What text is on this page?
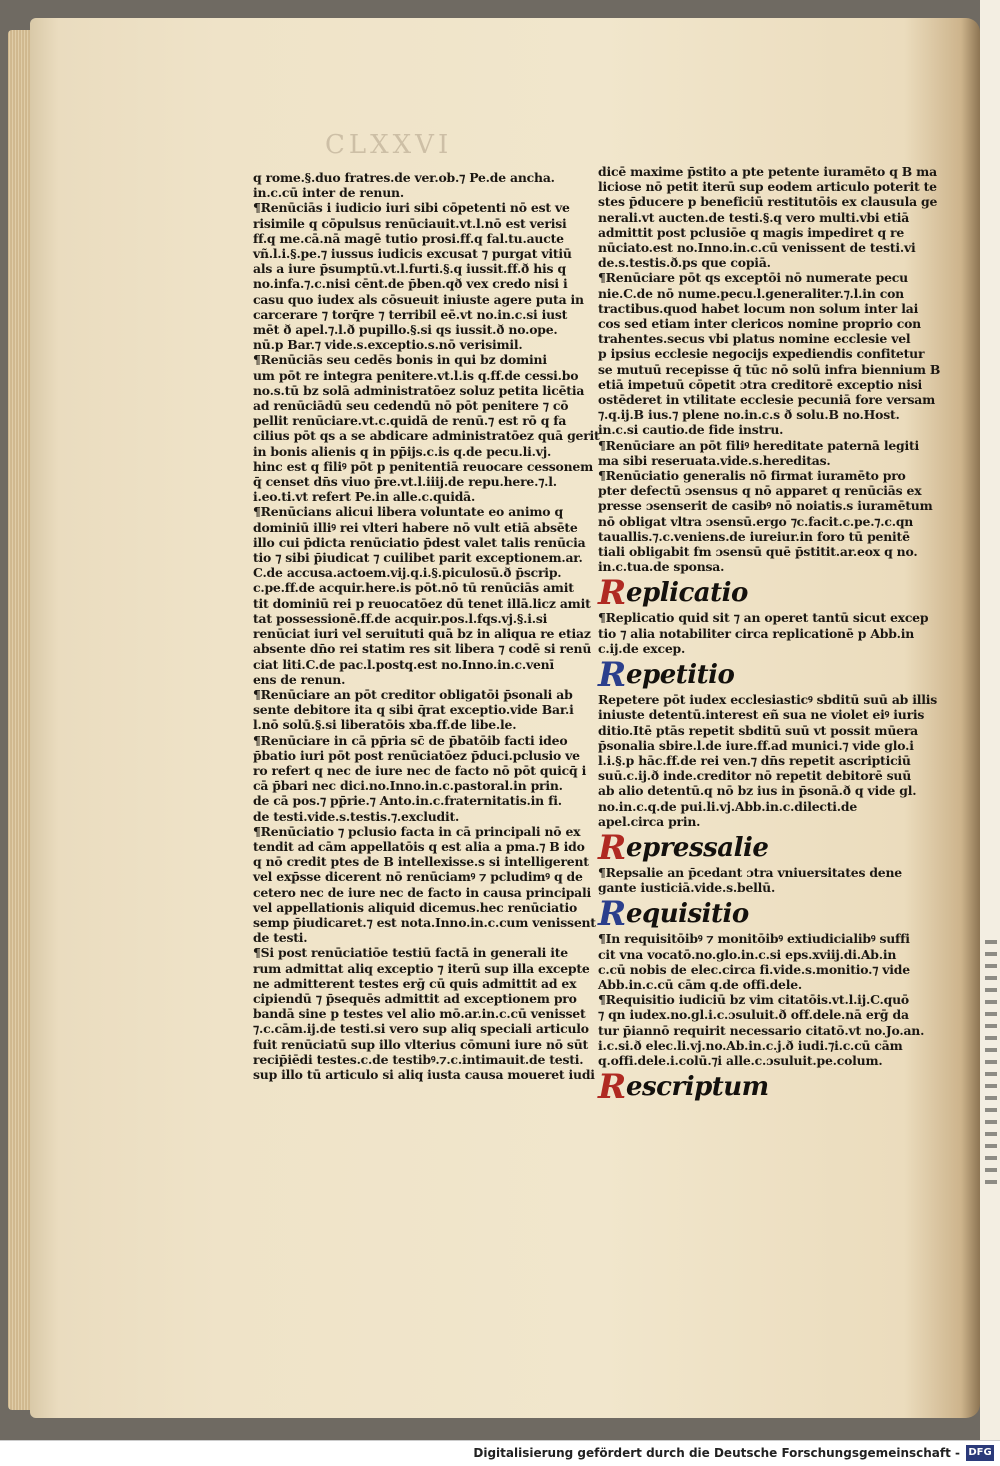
CLXXVI
q rome.§.duo fratres.de ver.ob.⁊ Pe.de ancha.
in.c.cū inter de renun.
¶Renūciās i iudicio iuri sibi cōpetenti nō est ve
risimile q cōpulsus renūciauit.vt.l.nō est verisi
ff.q me.cā.nā magē tutio prosi.ff.q fal.tu.aucte
vñ.l.i.§.pe.⁊ iussus iudicis excusat ⁊ purgat vitiū
als a iure p̄sumptū.vt.l.furti.§.q iussit.ff.ð his q
no.infa.⁊.c.nisi cēnt.de p̄ben.qð vex credo nisi i
casu quo iudex als cōsueuit iniuste agere puta in
carcerare ⁊ torq̄re ⁊ terribil eē.vt no.in.c.si iust
mēt ð apel.⁊.l.ð pupillo.§.si qs iussit.ð no.ope.
nū.p Bar.⁊ vide.s.exceptio.s.nō verisimil.
¶Renūciās seu cedēs bonis in qui bz domini
um pōt re integra penitere.vt.l.is q.ff.de cessi.bo
no.s.tū bz solā administratōez soluz petita licētia
ad renūciādū seu cedendū nō pōt penitere ⁊ cō
pellit renūciare.vt.c.quidā de renū.⁊ est rō q fa
cilius pōt qs a se abdicare administratōez quā gerit
in bonis alienis q in pp̄ijs.c.is q.de pecu.li.vj.
hinc est q filiꝰ pōt p penitentiā reuocare cessonem
q̄ censet dn̄s viuo p̄re.vt.l.iiij.de repu.here.⁊.l.
i.eo.ti.vt refert Pe.in alle.c.quidā.
¶Renūcians alicui libera voluntate eo animo q
dominiū illiꝰ rei vlteri habere nō vult etiā absēte
illo cui p̄dicta renūciatio p̄dest valet talis renūcia
tio ⁊ sibi p̄iudicat ⁊ cuilibet parit exceptionem.ar.
C.de accusa.actoem.vij.q.i.§.piculosū.ð p̄scrip.
c.pe.ff.de acquir.here.is pōt.nō tū renūciās amit
tit dominiū rei p reuocatōez dū tenet illā.licz amit
tat possessionē.ff.de acquir.pos.l.fqs.vj.§.i.si
renūciat iuri vel seruituti quā bz in aliqua re etiaz
absente dn̄o rei statim res sit libera ⁊ codē si renū
ciat liti.C.de pac.l.postq.est no.Inno.in.c.venī
ens de renun.
¶Renūciare an pōt creditor obligatōi p̄sonali ab
sente debitore ita q sibi q̄rat exceptio.vide Bar.i
l.nō solū.§.si liberatōis xba.ff.de libe.le.
¶Renūciare in cā pp̄ria sc̄ de p̄batōib facti ideo
p̄batio iuri pōt post renūciatōez p̄duci.pclusio ve
ro refert q nec de iure nec de facto nō pōt quicq̄ i
cā p̄bari nec dici.no.Inno.in.c.pastoral.in prin.
de cā pos.⁊ pp̄rie.⁊ Anto.in.c.fraternitatis.in fi.
de testi.vide.s.testis.⁊.excludit.
¶Renūciatio ⁊ pclusio facta in cā principali nō ex
tendit ad cām appellatōis q est alia a pma.⁊ B ido
q nō credit ptes de B intellexisse.s si intelligerent
vel exp̄sse dicerent nō renūciamꝰ ⁊ pcludimꝰ q de
cetero nec de iure nec de facto in causa principali
vel appellationis aliquid dicemus.hec renūciatio
semp p̄iudicaret.⁊ est nota.Inno.in.c.cum venissent
de testi.
¶Si post renūciatiōe testiū factā in generali ite
rum admittat aliq exceptio ⁊ iterū sup illa excepte
ne admitterent testes erḡ cū quis admittit ad ex
cipiendū ⁊ p̄sequēs admittit ad exceptionem pro
bandā sine p testes vel alio mō.ar.in.c.cū venisset
⁊.c.cām.ij.de testi.si vero sup aliq speciali articulo
fuit renūciatū sup illo vlterius cōmuni iure nō sūt
recip̄iēdi testes.c.de testibꝰ.⁊.c.intimauit.de testi.
sup illo tū articulo si aliq iusta causa moueret iudi
dicē maxime p̄stito a pte petente iuramēto q B ma
liciose nō petit iterū sup eodem articulo poterit te
stes p̄ducere p beneficiū restitutōis ex clausula ge
nerali.vt aucten.de testi.§.q vero multi.vbi etiā
admittit post pclusiōe q magis impediret q re
nūciato.est no.Inno.in.c.cū venissent de testi.vi
de.s.testis.ð.ps que copiā.
¶Renūciare pōt qs exceptōi nō numerate pecu
nie.C.de nō nume.pecu.l.generaliter.⁊.l.in con
tractibus.quod habet locum non solum inter lai
cos sed etiam inter clericos nomine proprio con
trahentes.secus vbi platus nomine ecclesie vel
p ipsius ecclesie negocijs expediendis confitetur
se mutuū recepisse q̄ tūc nō solū infra biennium B
etiā impetuū cōpetit ɔtra creditorē exceptio nisi
ostēderet in vtilitate ecclesie pecuniā fore versam
⁊.q.ij.B ius.⁊ plene no.in.c.s ð solu.B no.Host.
in.c.si cautio.de fide instru.
¶Renūciare an pōt filiꝰ hereditate paternā legiti
ma sibi reseruata.vide.s.hereditas.
¶Renūciatio generalis nō firmat iuramēto pro
pter defectū ɔsensus q nō apparet q renūciās ex
presse ɔsenserit de casibꝰ nō noiatis.s iuramētum
nō obligat vltra ɔsensū.ergo ⁊c.facit.c.pe.⁊.c.qn
tauallis.⁊.c.veniens.de iureiur.in foro tū penitē
tiali obligabit fm ɔsensū quē p̄stitit.ar.eox q no.
in.c.tua.de sponsa.
R eplicatio
¶Replicatio quid sit ⁊ an operet tantū sicut excep
tio ⁊ alia notabiliter circa replicationē p Abb.in
c.ij.de excep.
R epetitio
Repetere pōt iudex ecclesiasticꝰ sbditū suū ab illis
iniuste detentū.interest eñ sua ne violet eiꝰ iuris
ditio.Itē ptās repetit sbditū suū vt possit mūera
p̄sonalia sbire.l.de iure.ff.ad munici.⁊ vide glo.i
l.i.§.p hāc.ff.de rei ven.⁊ dn̄s repetit ascripticiū
suū.c.ij.ð inde.creditor nō repetit debitorē suū
ab alio detentū.q nō bz ius in p̄sonā.ð q vide gl.
no.in.c.q.de pui.li.vj.Abb.in.c.dilecti.de
apel.circa prin.
R epressalie
¶Repsalie an p̄cedant ɔtra vniuersitates dene
gante iusticiā.vide.s.bellū.
R equisitio
¶In requisitōibꝰ ⁊ monitōibꝰ extiudicialibꝰ suffi
cit vna vocatō.no.glo.in.c.si eps.xviij.di.Ab.in
c.cū nobis de elec.circa fi.vide.s.monitio.⁊ vide
Abb.in.c.cū cām q.de offi.dele.
¶Requisitio iudiciū bz vim citatōis.vt.l.ij.C.quō
⁊ qn iudex.no.gl.i.c.ɔsuluit.ð off.dele.nā erḡ da
tur p̄iannō requirit necessario citatō.vt no.Jo.an.
i.c.si.ð elec.li.vj.no.Ab.in.c.j.ð iudi.⁊i.c.cū cām
q.offi.dele.i.colū.⁊i alle.c.ɔsuluit.pe.colum.
R escriptum
Digitalisierung gefördert durch die Deutsche Forschungsgemeinschaft - DFG
